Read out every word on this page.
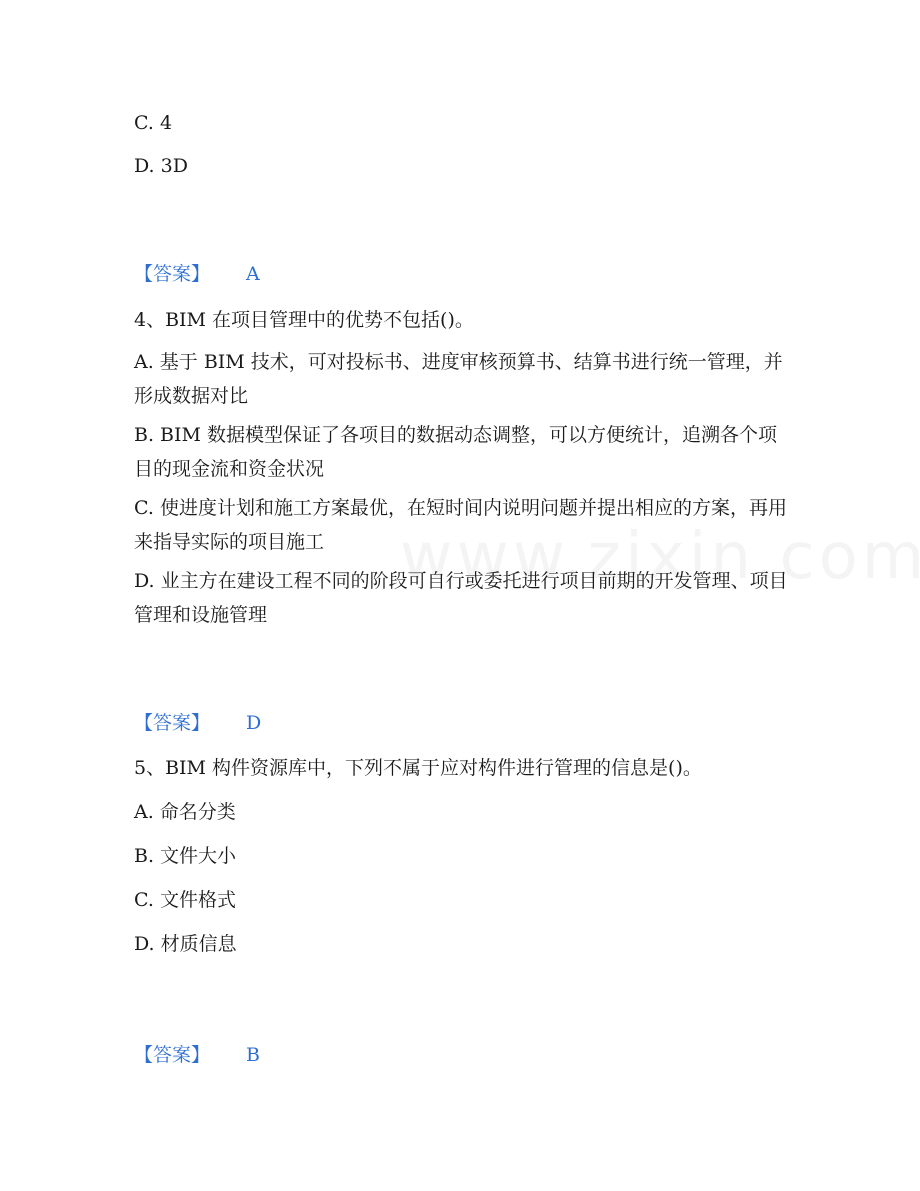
C. 4
D. 3D
【答案】 A
4、BIM 在项目管理中的优势不包括()。
A. 基于 BIM 技术，可对投标书、进度审核预算书、结算书进行统一管理，并形成数据对比
B. BIM 数据模型保证了各项目的数据动态调整，可以方便统计，追溯各个项目的现金流和资金状况
C. 使进度计划和施工方案最优，在短时间内说明问题并提出相应的方案，再用来指导实际的项目施工
D. 业主方在建设工程不同的阶段可自行或委托进行项目前期的开发管理、项目管理和设施管理
【答案】 D
5、BIM 构件资源库中，下列不属于应对构件进行管理的信息是()。
A. 命名分类
B. 文件大小
C. 文件格式
D. 材质信息
【答案】 B
